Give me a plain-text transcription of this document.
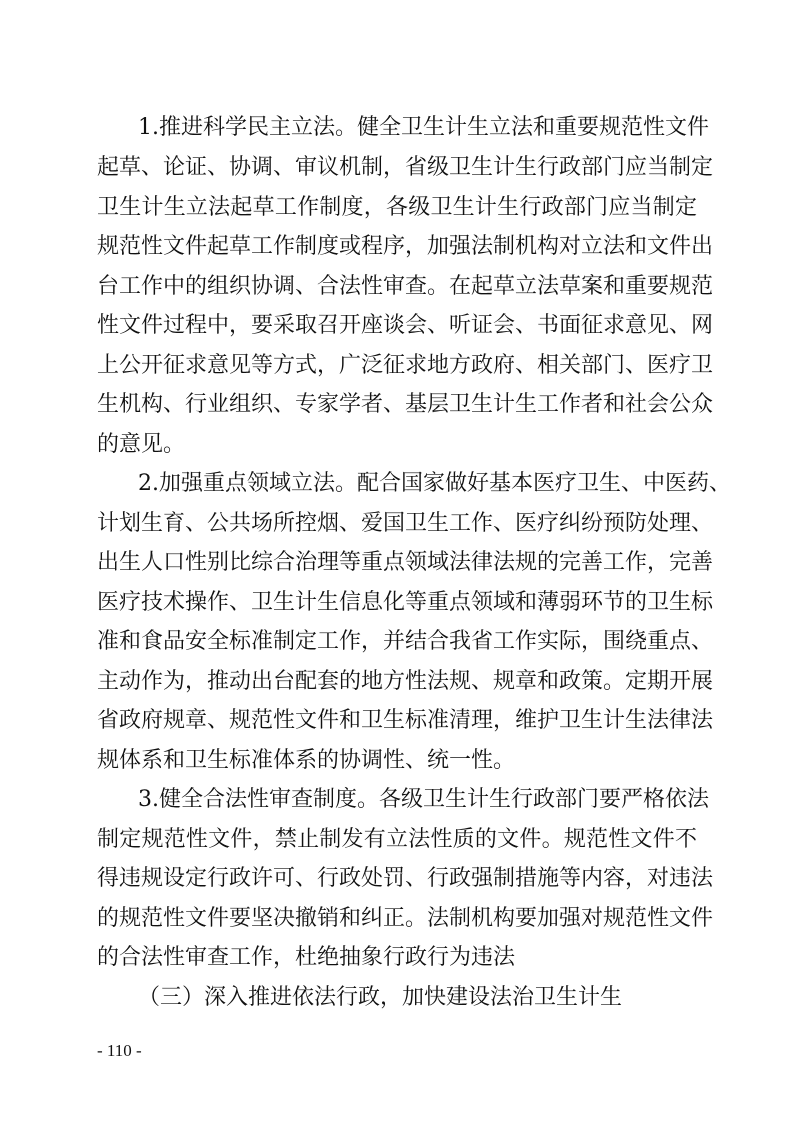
1.推进科学民主立法。健全卫生计生立法和重要规范性文件
起草、论证、协调、审议机制，省级卫生计生行政部门应当制定
卫生计生立法起草工作制度，各级卫生计生行政部门应当制定
规范性文件起草工作制度或程序，加强法制机构对立法和文件出
台工作中的组织协调、合法性审查。在起草立法草案和重要规范
性文件过程中，要采取召开座谈会、听证会、书面征求意见、网
上公开征求意见等方式，广泛征求地方政府、相关部门、医疗卫
生机构、行业组织、专家学者、基层卫生计生工作者和社会公众
的意见。
2.加强重点领域立法。配合国家做好基本医疗卫生、中医药、
计划生育、公共场所控烟、爱国卫生工作、医疗纠纷预防处理、
出生人口性别比综合治理等重点领域法律法规的完善工作，完善
医疗技术操作、卫生计生信息化等重点领域和薄弱环节的卫生标
准和食品安全标准制定工作，并结合我省工作实际，围绕重点、
主动作为，推动出台配套的地方性法规、规章和政策。定期开展
省政府规章、规范性文件和卫生标准清理，维护卫生计生法律法
规体系和卫生标准体系的协调性、统一性。
3.健全合法性审查制度。各级卫生计生行政部门要严格依法
制定规范性文件，禁止制发有立法性质的文件。规范性文件不
得违规设定行政许可、行政处罚、行政强制措施等内容，对违法
的规范性文件要坚决撤销和纠正。法制机构要加强对规范性文件
的合法性审查工作，杜绝抽象行政行为违法
（三）深入推进依法行政，加快建设法治卫生计生
- 110 -
